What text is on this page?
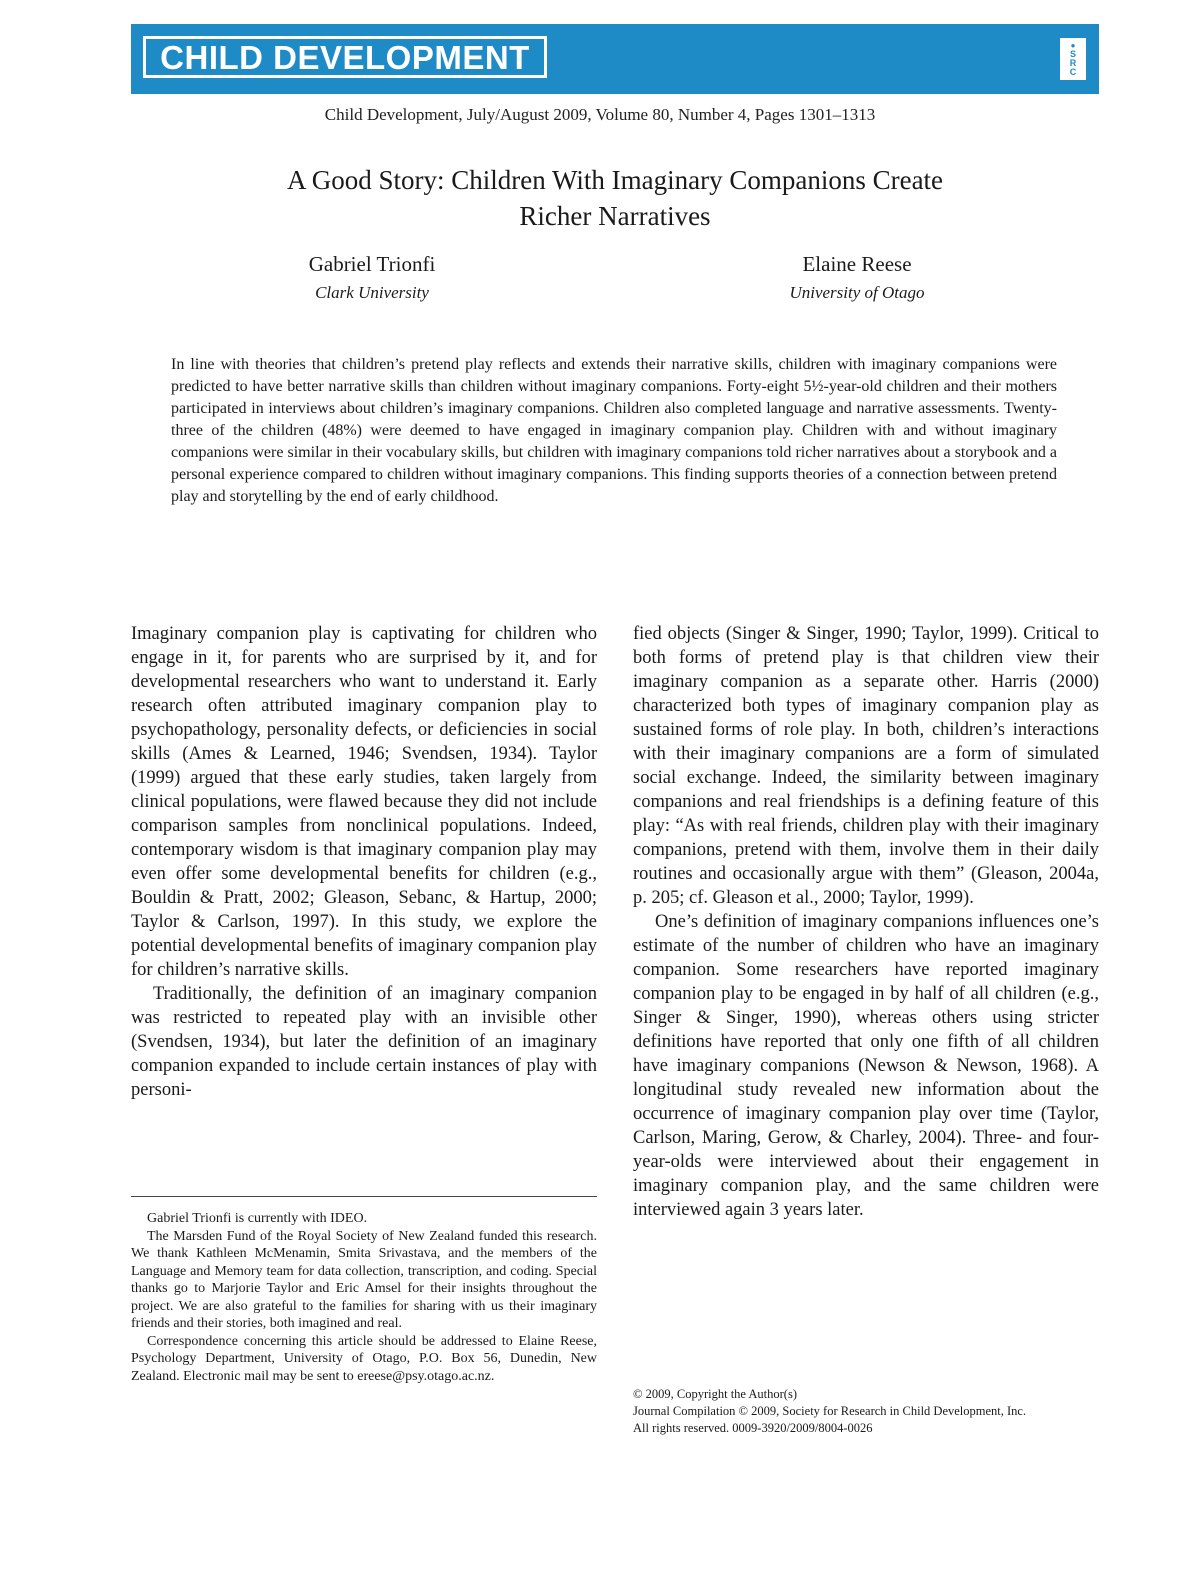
CHILD DEVELOPMENT	●
S
R
C
Child Development, July/August 2009, Volume 80, Number 4, Pages 1301–1313
A Good Story: Children With Imaginary Companions Create
Richer Narratives
Gabriel Trionfi
Clark University
Elaine Reese
University of Otago
In line with theories that children’s pretend play reflects and extends their narrative skills, children with imaginary companions were predicted to have better narrative skills than children without imaginary companions. Forty-eight 5½-year-old children and their mothers participated in interviews about children’s imaginary companions. Children also completed language and narrative assessments. Twenty-three of the children (48%) were deemed to have engaged in imaginary companion play. Children with and without imaginary companions were similar in their vocabulary skills, but children with imaginary companions told richer narratives about a storybook and a personal experience compared to children without imaginary companions. This finding supports theories of a connection between pretend play and storytelling by the end of early childhood.

Imaginary companion play is captivating for children who engage in it, for parents who are surprised by it, and for developmental researchers who want to understand it. Early research often attributed imaginary companion play to psychopathology, personality defects, or deficiencies in social skills (Ames & Learned, 1946; Svendsen, 1934). Taylor (1999) argued that these early studies, taken largely from clinical populations, were flawed because they did not include comparison samples from nonclinical populations. Indeed, contemporary wisdom is that imaginary companion play may even offer some developmental benefits for children (e.g., Bouldin & Pratt, 2002; Gleason, Sebanc, & Hartup, 2000; Taylor & Carlson, 1997). In this study, we explore the potential developmental benefits of imaginary companion play for children’s narrative skills.

Traditionally, the definition of an imaginary companion was restricted to repeated play with an invisible other (Svendsen, 1934), but later the definition of an imaginary companion expanded to include certain instances of play with personi-

fied objects (Singer & Singer, 1990; Taylor, 1999). Critical to both forms of pretend play is that children view their imaginary companion as a separate other. Harris (2000) characterized both types of imaginary companion play as sustained forms of role play. In both, children’s interactions with their imaginary companions are a form of simulated social exchange. Indeed, the similarity between imaginary companions and real friendships is a defining feature of this play: “As with real friends, children play with their imaginary companions, pretend with them, involve them in their daily routines and occasionally argue with them” (Gleason, 2004a, p. 205; cf. Gleason et al., 2000; Taylor, 1999).

One’s definition of imaginary companions influences one’s estimate of the number of children who have an imaginary companion. Some researchers have reported imaginary companion play to be engaged in by half of all children (e.g., Singer & Singer, 1990), whereas others using stricter definitions have reported that only one fifth of all children have imaginary companions (Newson & Newson, 1968). A longitudinal study revealed new information about the occurrence of imaginary companion play over time (Taylor, Carlson, Maring, Gerow, & Charley, 2004). Three- and four-year-olds were interviewed about their engagement in imaginary companion play, and the same children were interviewed again 3 years later.

Gabriel Trionfi is currently with IDEO.

The Marsden Fund of the Royal Society of New Zealand funded this research. We thank Kathleen McMenamin, Smita Srivastava, and the members of the Language and Memory team for data collection, transcription, and coding. Special thanks go to Marjorie Taylor and Eric Amsel for their insights throughout the project. We are also grateful to the families for sharing with us their imaginary friends and their stories, both imagined and real.

Correspondence concerning this article should be addressed to Elaine Reese, Psychology Department, University of Otago, P.O. Box 56, Dunedin, New Zealand. Electronic mail may be sent to ereese@psy.otago.ac.nz.

© 2009, Copyright the Author(s)
Journal Compilation © 2009, Society for Research in Child Development, Inc.
All rights reserved. 0009-3920/2009/8004-0026
